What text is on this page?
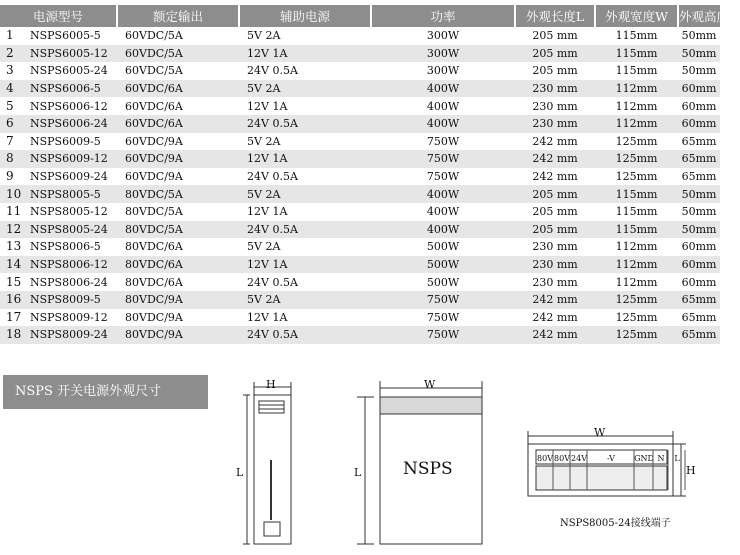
电源型号		额定输出	辅助电源	功率	外观长度L	外观宽度W	外观高度H
1	NSPS6005-5	60VDC/5A	5V 2A	300W	205 mm	115mm	50mm
2	NSPS6005-12	60VDC/5A	12V 1A	300W	205 mm	115mm	50mm
3	NSPS6005-24	60VDC/5A	24V 0.5A	300W	205 mm	115mm	50mm
4	NSPS6006-5	60VDC/6A	5V 2A	400W	230 mm	112mm	60mm
5	NSPS6006-12	60VDC/6A	12V 1A	400W	230 mm	112mm	60mm
6	NSPS6006-24	60VDC/6A	24V 0.5A	400W	230 mm	112mm	60mm
7	NSPS6009-5	60VDC/9A	5V 2A	750W	242 mm	125mm	65mm
8	NSPS6009-12	60VDC/9A	12V 1A	750W	242 mm	125mm	65mm
9	NSPS6009-24	60VDC/9A	24V 0.5A	750W	242 mm	125mm	65mm
10	NSPS8005-5	80VDC/5A	5V 2A	400W	205 mm	115mm	50mm
11	NSPS8005-12	80VDC/5A	12V 1A	400W	205 mm	115mm	50mm
12	NSPS8005-24	80VDC/5A	24V 0.5A	400W	205 mm	115mm	50mm
13	NSPS8006-5	80VDC/6A	5V 2A	500W	230 mm	112mm	60mm
14	NSPS8006-12	80VDC/6A	12V 1A	500W	230 mm	112mm	60mm
15	NSPS8006-24	80VDC/6A	24V 0.5A	500W	230 mm	112mm	60mm
16	NSPS8009-5	80VDC/9A	5V 2A	750W	242 mm	125mm	65mm
17	NSPS8009-12	80VDC/9A	12V 1A	750W	242 mm	125mm	65mm
18	NSPS8009-24	80VDC/9A	24V 0.5A	750W	242 mm	125mm	65mm
NSPS 开关电源外观尺寸
80V 80V 24V	-V GND N L
H
L
W
L NSPS
W
H
NSPS8005-24接线端子
